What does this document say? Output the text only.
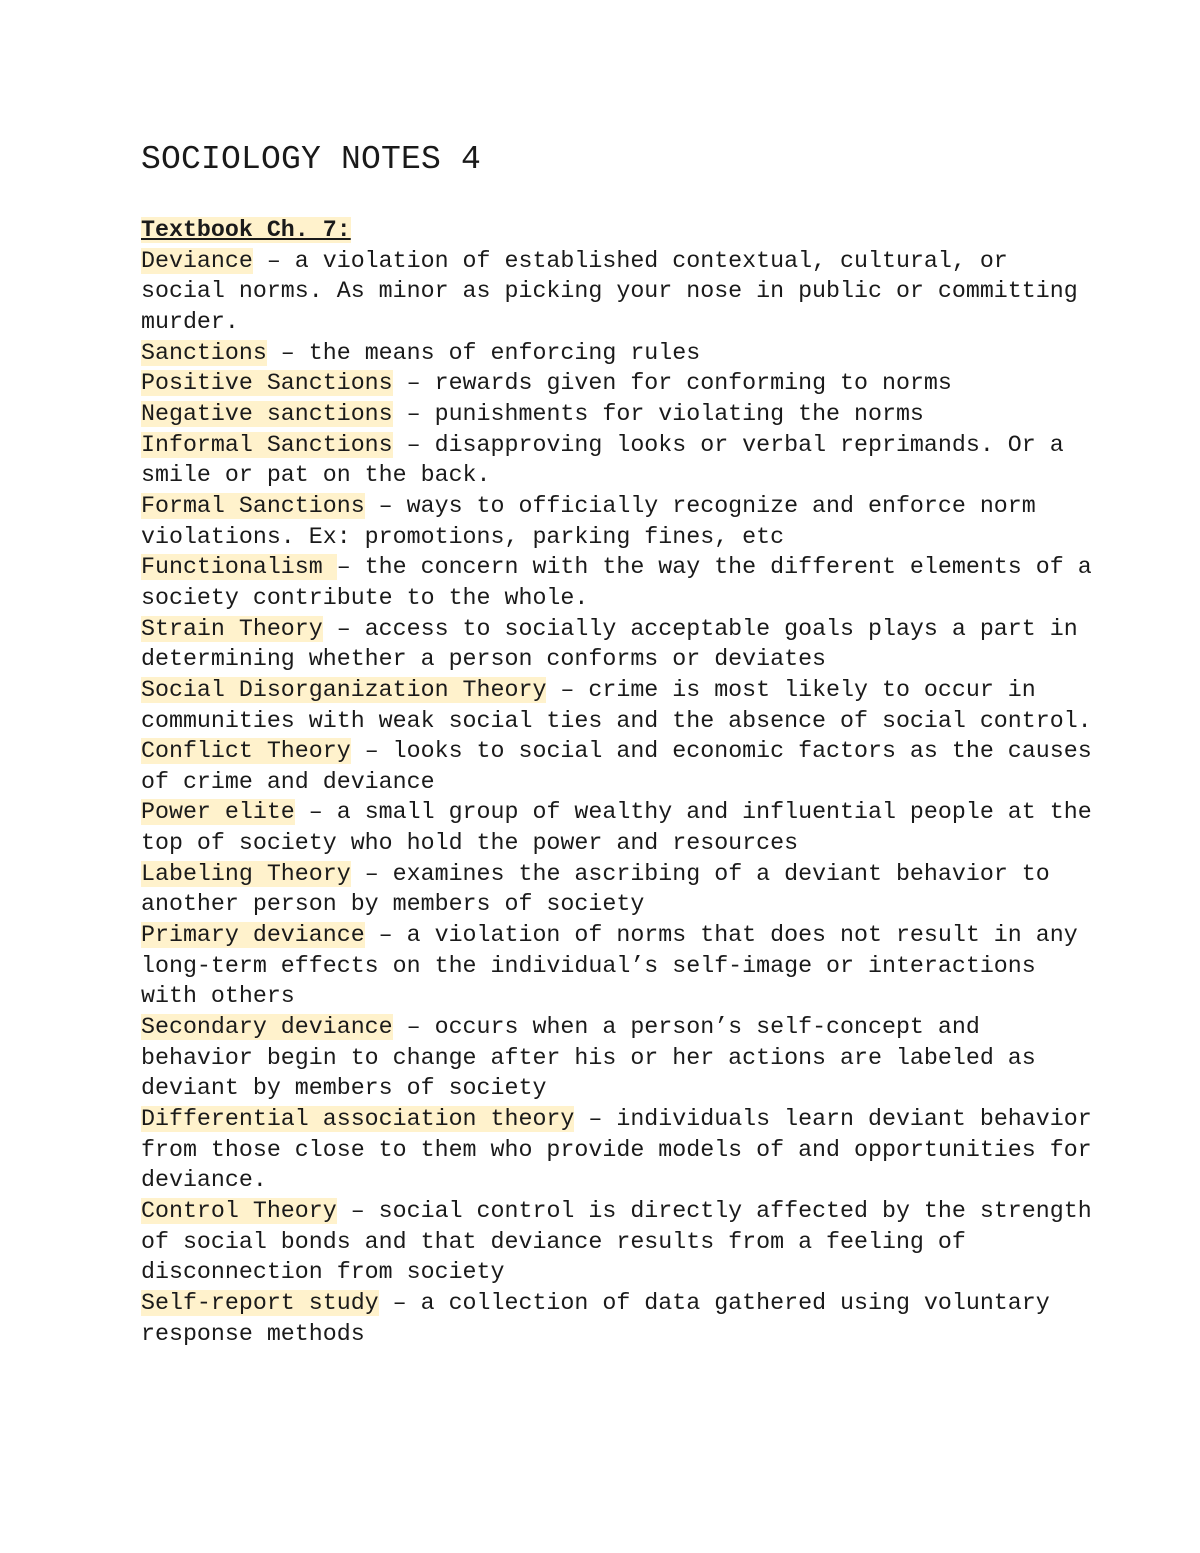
SOCIOLOGY NOTES 4

Textbook Ch. 7:

Deviance – a violation of established contextual, cultural, or social norms. As minor as picking your nose in public or committing murder.

Sanctions – the means of enforcing rules

Positive Sanctions – rewards given for conforming to norms

Negative sanctions – punishments for violating the norms

Informal Sanctions – disapproving looks or verbal reprimands. Or a smile or pat on the back.

Formal Sanctions – ways to officially recognize and enforce norm violations. Ex: promotions, parking fines, etc

Functionalism – the concern with the way the different elements of a society contribute to the whole.

Strain Theory – access to socially acceptable goals plays a part in determining whether a person conforms or deviates

Social Disorganization Theory – crime is most likely to occur in communities with weak social ties and the absence of social control.

Conflict Theory – looks to social and economic factors as the causes of crime and deviance

Power elite – a small group of wealthy and influential people at the top of society who hold the power and resources

Labeling Theory – examines the ascribing of a deviant behavior to another person by members of society

Primary deviance – a violation of norms that does not result in any long-term effects on the individual’s self-image or interactions with others

Secondary deviance – occurs when a person’s self-concept and behavior begin to change after his or her actions are labeled as deviant by members of society

Differential association theory – individuals learn deviant behavior from those close to them who provide models of and opportunities for deviance.

Control Theory – social control is directly affected by the strength of social bonds and that deviance results from a feeling of disconnection from society

Self-report study – a collection of data gathered using voluntary response methods
